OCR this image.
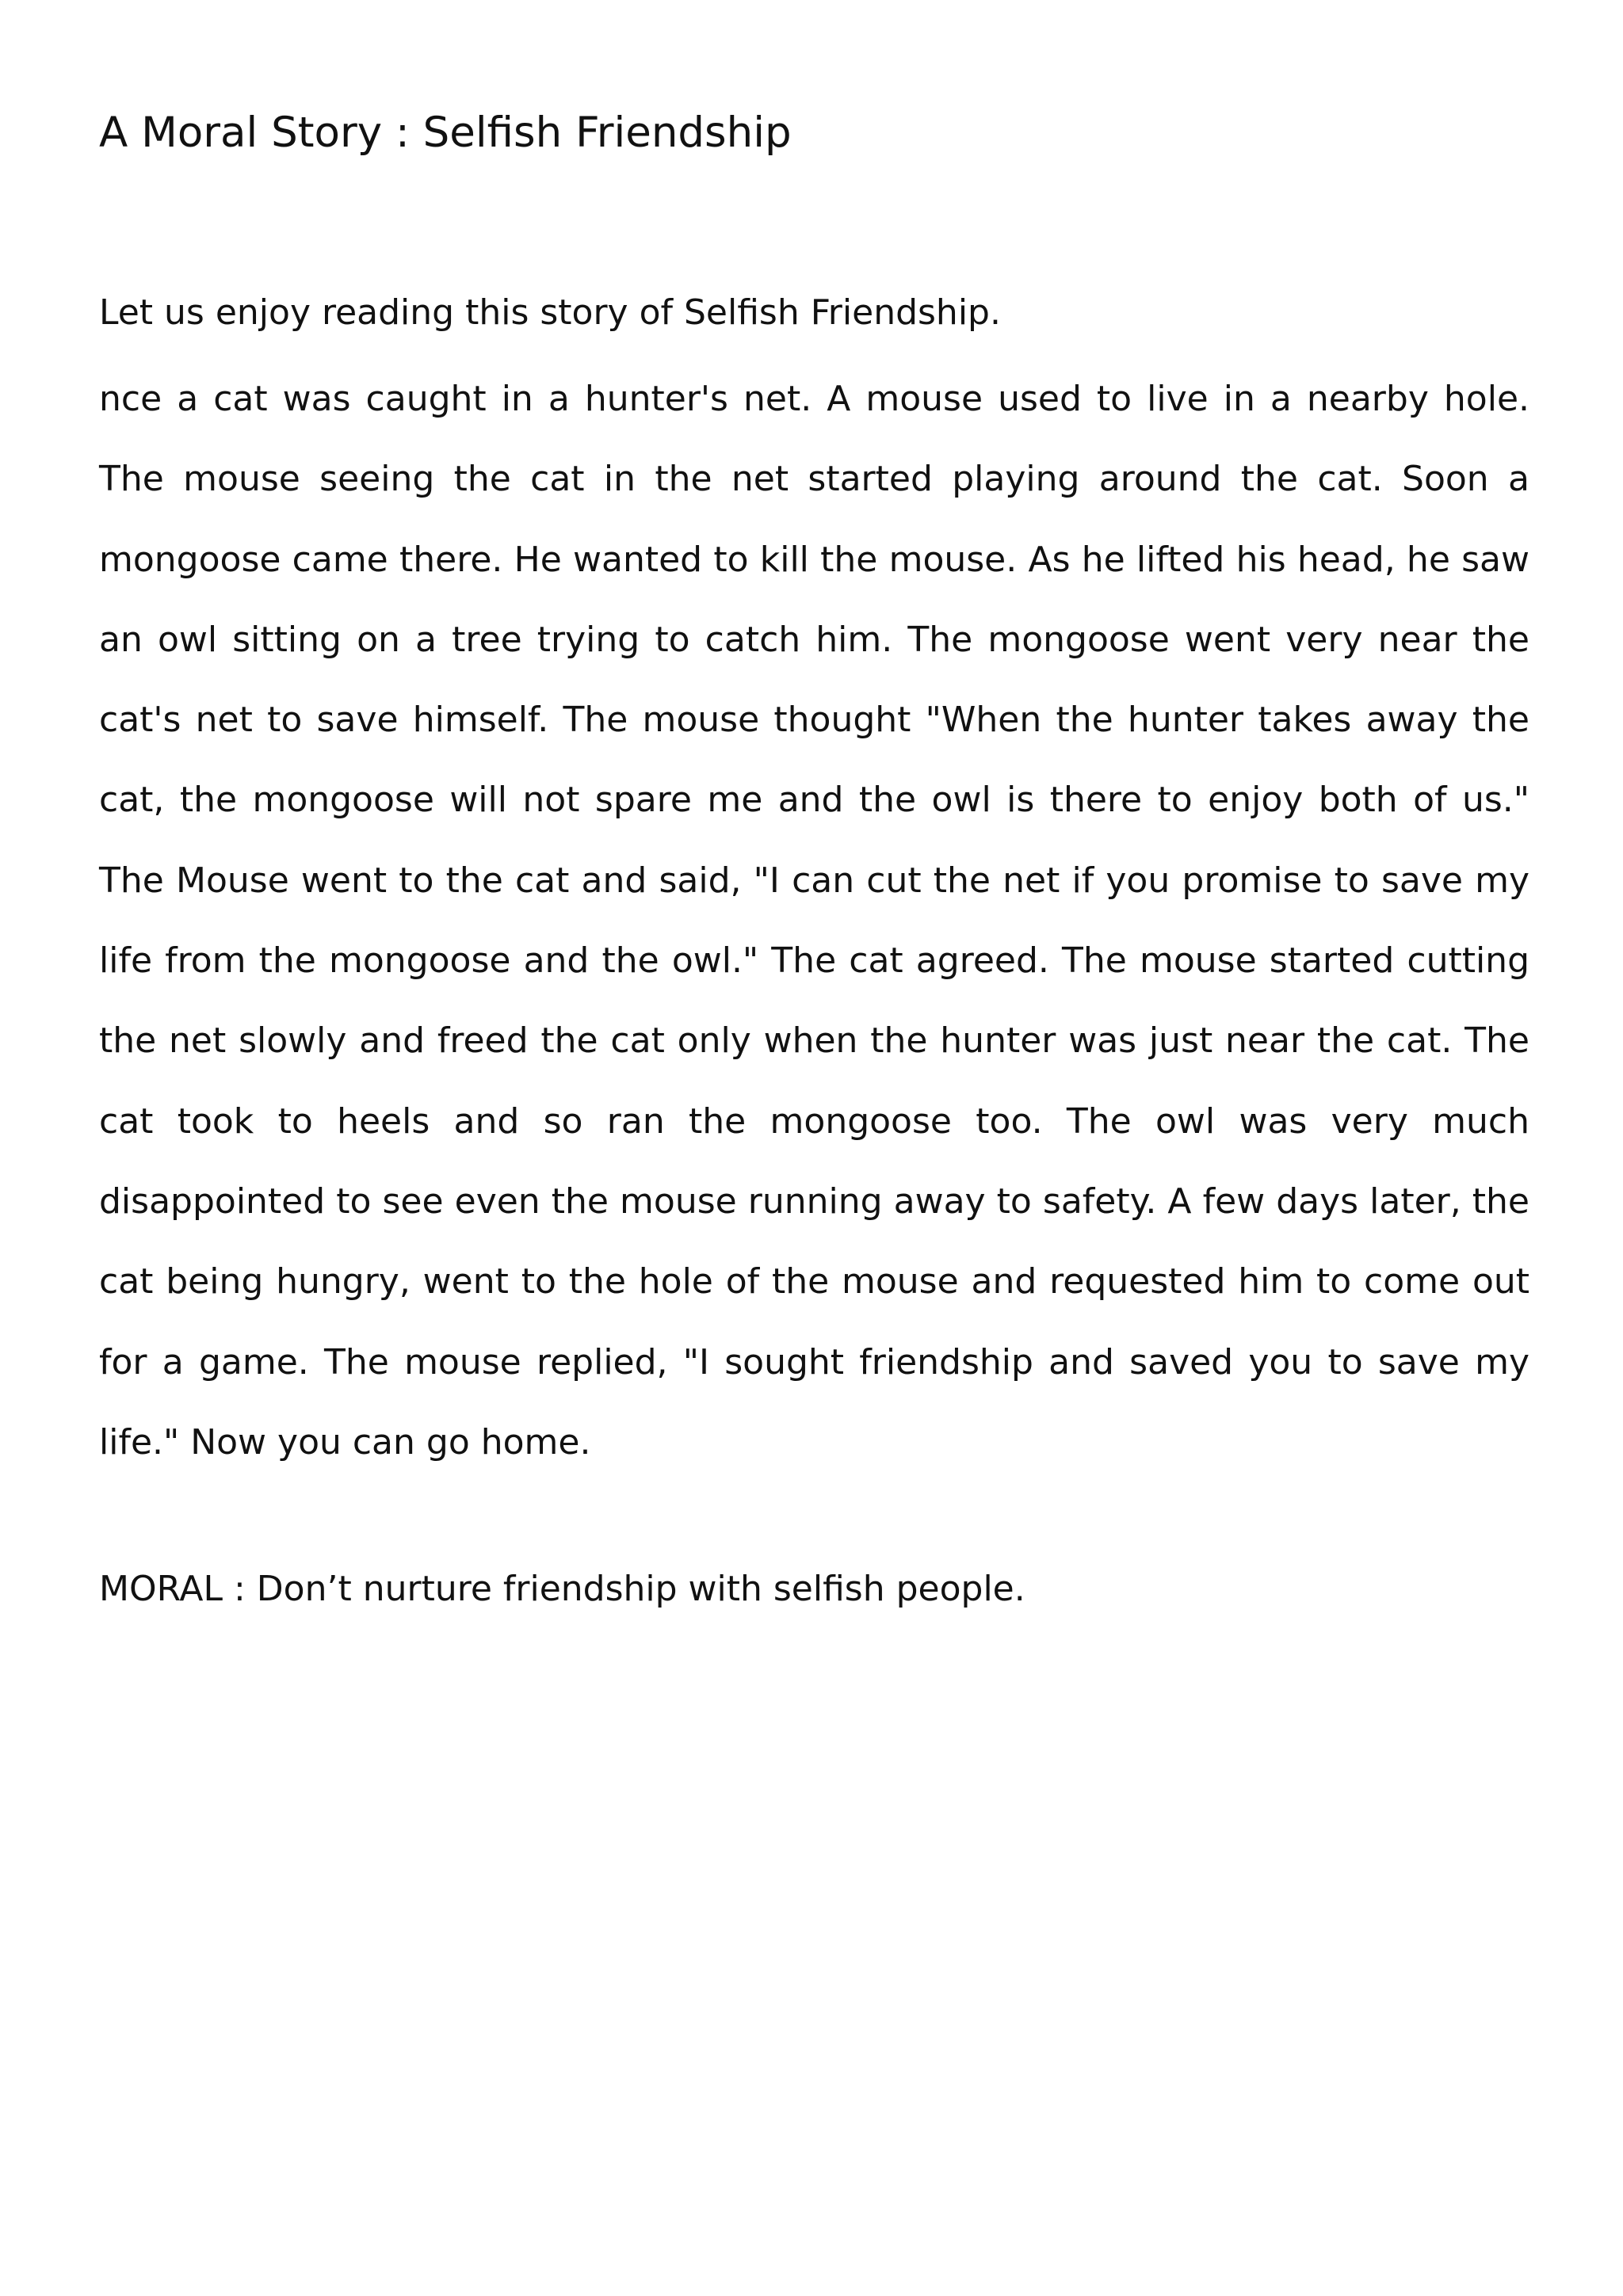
A Moral Story : Selfish Friendship

Let us enjoy reading this story of Selfish Friendship.

nce a cat was caught in a hunter's net. A mouse used to live in a nearby hole. The mouse seeing the cat in the net started playing around the cat. Soon a mongoose came there. He wanted to kill the mouse. As he lifted his head, he saw an owl sitting on a tree trying to catch him. The mongoose went very near the cat's net to save himself. The mouse thought "When the hunter takes away the cat, the mongoose will not spare me and the owl is there to enjoy both of us." The Mouse went to the cat and said, "I can cut the net if you promise to save my life from the mongoose and the owl." The cat agreed. The mouse started cutting the net slowly and freed the cat only when the hunter was just near the cat. The cat took to heels and so ran the mongoose too. The owl was very much disappointed to see even the mouse running away to safety. A few days later, the cat being hungry, went to the hole of the mouse and requested him to come out for a game. The mouse replied, "I sought friendship and saved you to save my life." Now you can go home.

MORAL : Don’t nurture friendship with selfish people.
